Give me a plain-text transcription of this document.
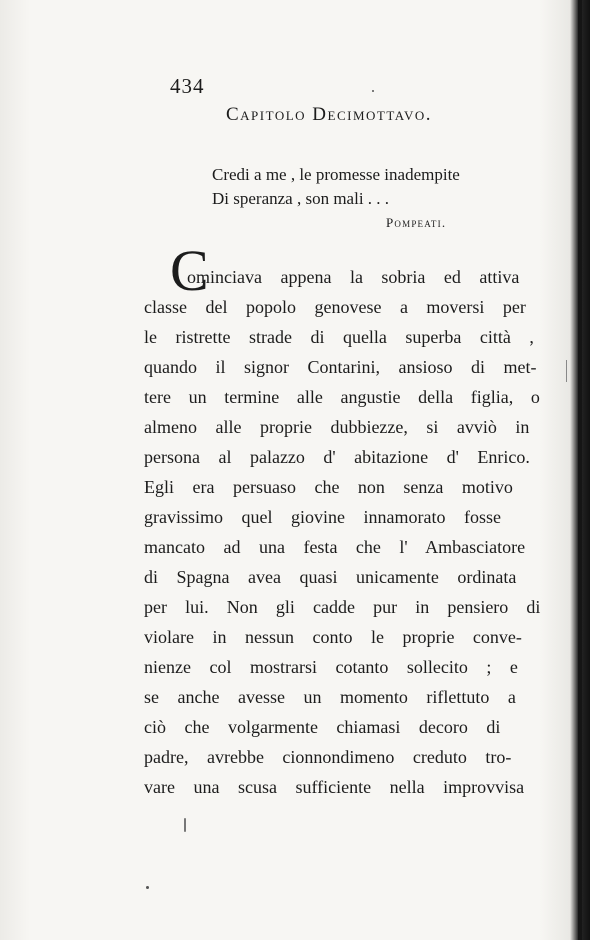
434
Capitolo Decimottavo.
Credi a me , le promesse inadempite
Di speranza , son mali . . .
Pompeati.
C
ominciava appena la sobria ed attiva
classe del popolo genovese a moversi per
le ristrette strade di quella superba città ,
quando il signor Contarini, ansioso di met-
tere un termine alle angustie della figlia, o
almeno alle proprie dubbiezze, si avviò in
persona al palazzo d' abitazione d' Enrico.
Egli era persuaso che non senza motivo
gravissimo quel giovine innamorato fosse
mancato ad una festa che l' Ambasciatore
di Spagna avea quasi unicamente ordinata
per lui. Non gli cadde pur in pensiero di
violare in nessun conto le proprie conve-
nienze col mostrarsi cotanto sollecito ; e
se anche avesse un momento riflettuto a
ciò che volgarmente chiamasi decoro di
padre, avrebbe cionnondimeno creduto tro-
vare una scusa sufficiente nella improvvisa
